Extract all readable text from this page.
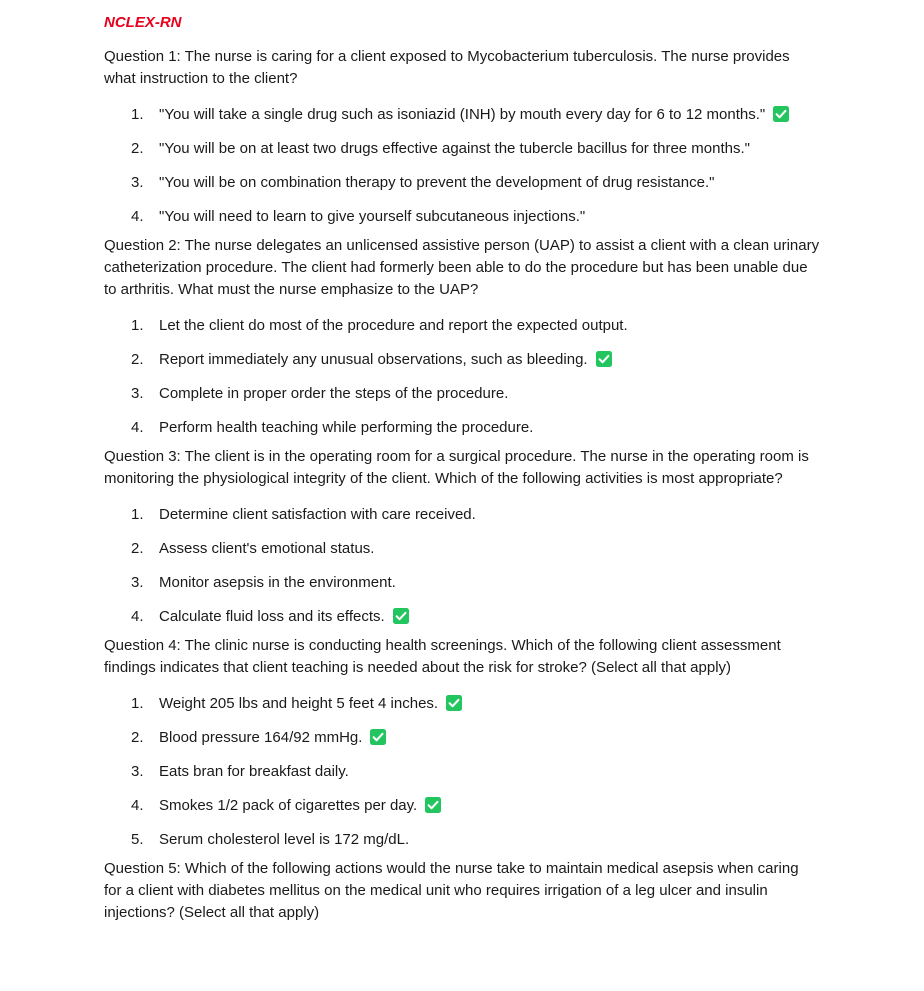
NCLEX-RN

Question 1: The nurse is caring for a client exposed to Mycobacterium tuberculosis. The nurse provides what instruction to the client?

1.	"You will take a single drug such as isoniazid (INH) by mouth every day for 6 to 12 months."
2.	"You will be on at least two drugs effective against the tubercle bacillus for three months."
3.	"You will be on combination therapy to prevent the development of drug resistance."
4.	"You will need to learn to give yourself subcutaneous injections."

Question 2: The nurse delegates an unlicensed assistive person (UAP) to assist a client with a clean urinary catheterization procedure. The client had formerly been able to do the procedure but has been unable due to arthritis. What must the nurse emphasize to the UAP?

1.	Let the client do most of the procedure and report the expected output.
2.	Report immediately any unusual observations, such as bleeding.
3.	Complete in proper order the steps of the procedure.
4.	Perform health teaching while performing the procedure.

Question 3: The client is in the operating room for a surgical procedure. The nurse in the operating room is monitoring the physiological integrity of the client. Which of the following activities is most appropriate?

1.	Determine client satisfaction with care received.
2.	Assess client's emotional status.
3.	Monitor asepsis in the environment.
4.	Calculate fluid loss and its effects.

Question 4: The clinic nurse is conducting health screenings. Which of the following client assessment findings indicates that client teaching is needed about the risk for stroke? (Select all that apply)

1.	Weight 205 lbs and height 5 feet 4 inches.
2.	Blood pressure 164/92 mmHg.
3.	Eats bran for breakfast daily.
4.	Smokes 1/2 pack of cigarettes per day.
5.	Serum cholesterol level is 172 mg/dL.

Question 5: Which of the following actions would the nurse take to maintain medical asepsis when caring for a client with diabetes mellitus on the medical unit who requires irrigation of a leg ulcer and insulin injections? (Select all that apply)
